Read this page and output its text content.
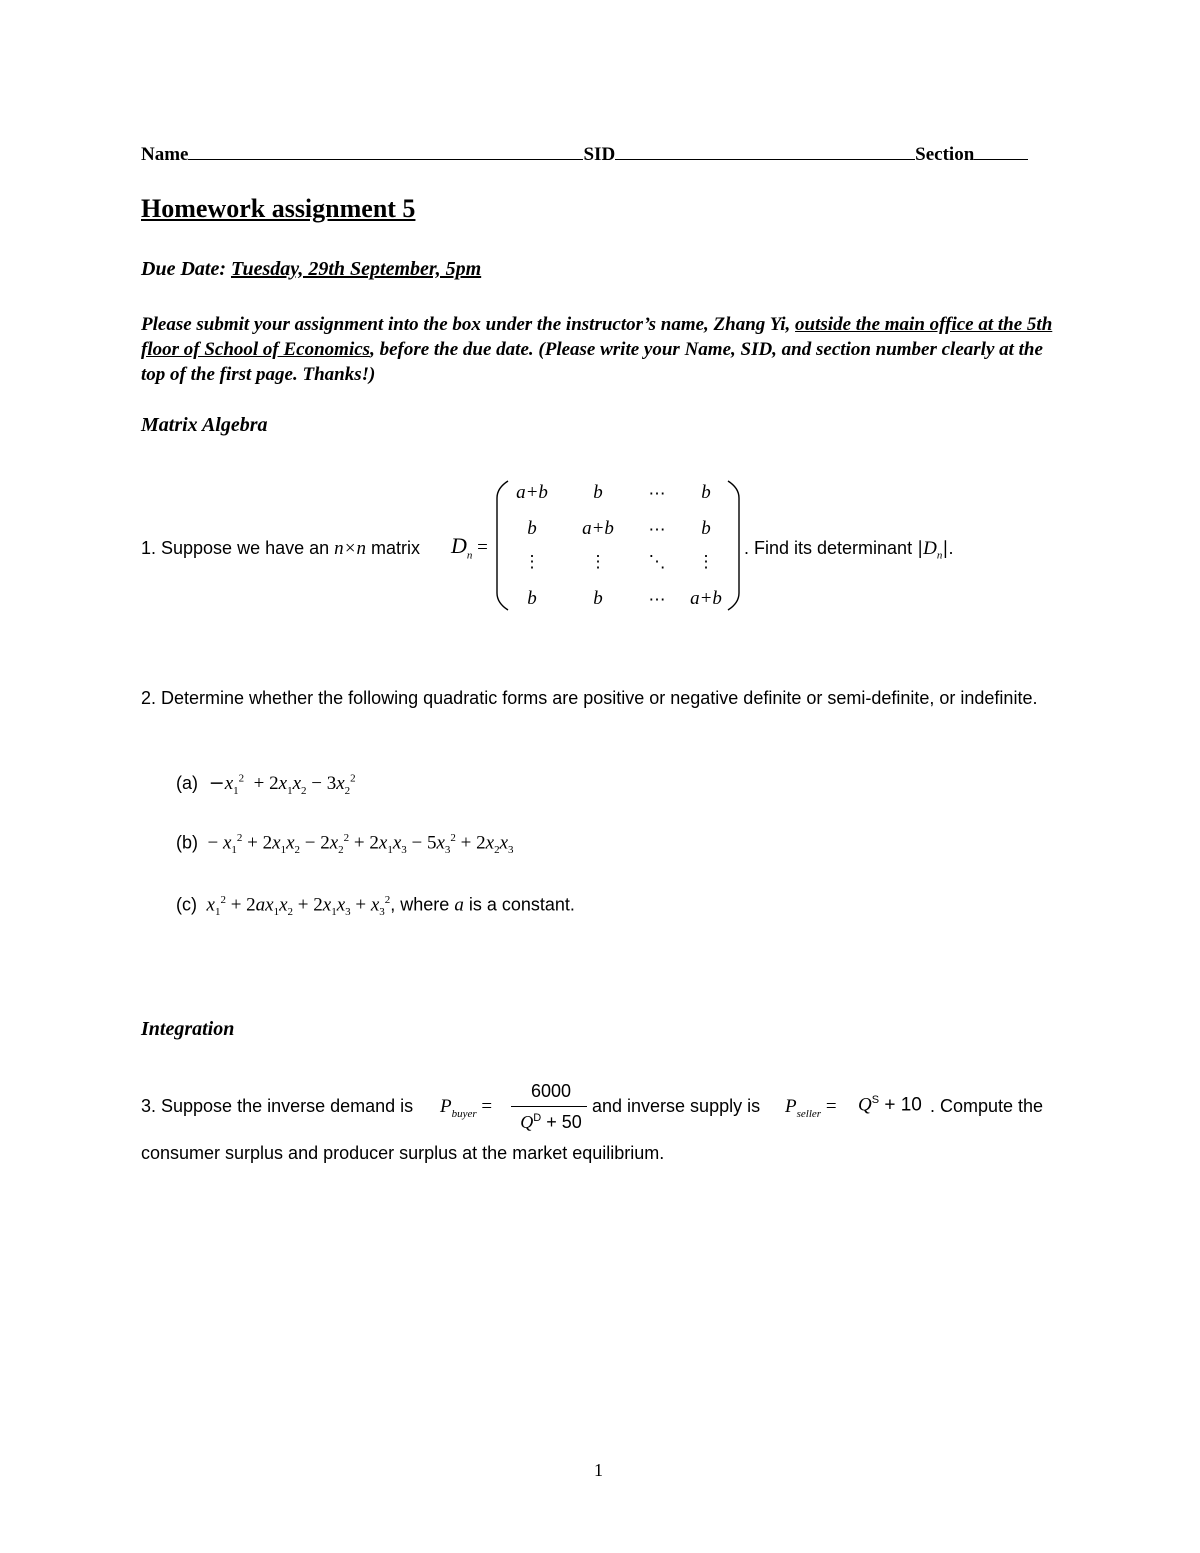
Name	SID	Section
Homework assignment 5
Due Date: Tuesday, 29th September, 5pm
Please submit your assignment into the box under the instructor’s name, Zhang Yi, outside the main office at the 5th floor of School of Economics, before the due date. (Please write your Name, SID, and section number clearly at the top of the first page. Thanks!)
Matrix Algebra
1. Suppose we have an n×n matrix $D_n$ =
a+b	b	⋯	b
b	a+b	⋯	b
⋮	⋮	⋱	⋮
b	b	⋯	a+b
. Find its determinant $|D_n|$.
2. Determine whether the following quadratic forms are positive or negative definite or semi-definite, or indefinite.
$(a) -x_1^2 + 2x_1x_2 - 3x_2^2$
$(b) - x_1^2 + 2x_1x_2 - 2x_2^2 + 2x_1x_3 - 5x_3^2 + 2x_2x_3$
(c) $x_1^2 + 2ax_1x_2 + 2x_1x_3 + x_3^2$, where a is a constant.
Integration
3. Suppose the inverse demand is $P_{buyer}$ =
6000
$Q^D + 50$
and inverse supply is $P_{seller} = Q^S + 10$ . Compute the
consumer surplus and producer surplus at the market equilibrium.
1
